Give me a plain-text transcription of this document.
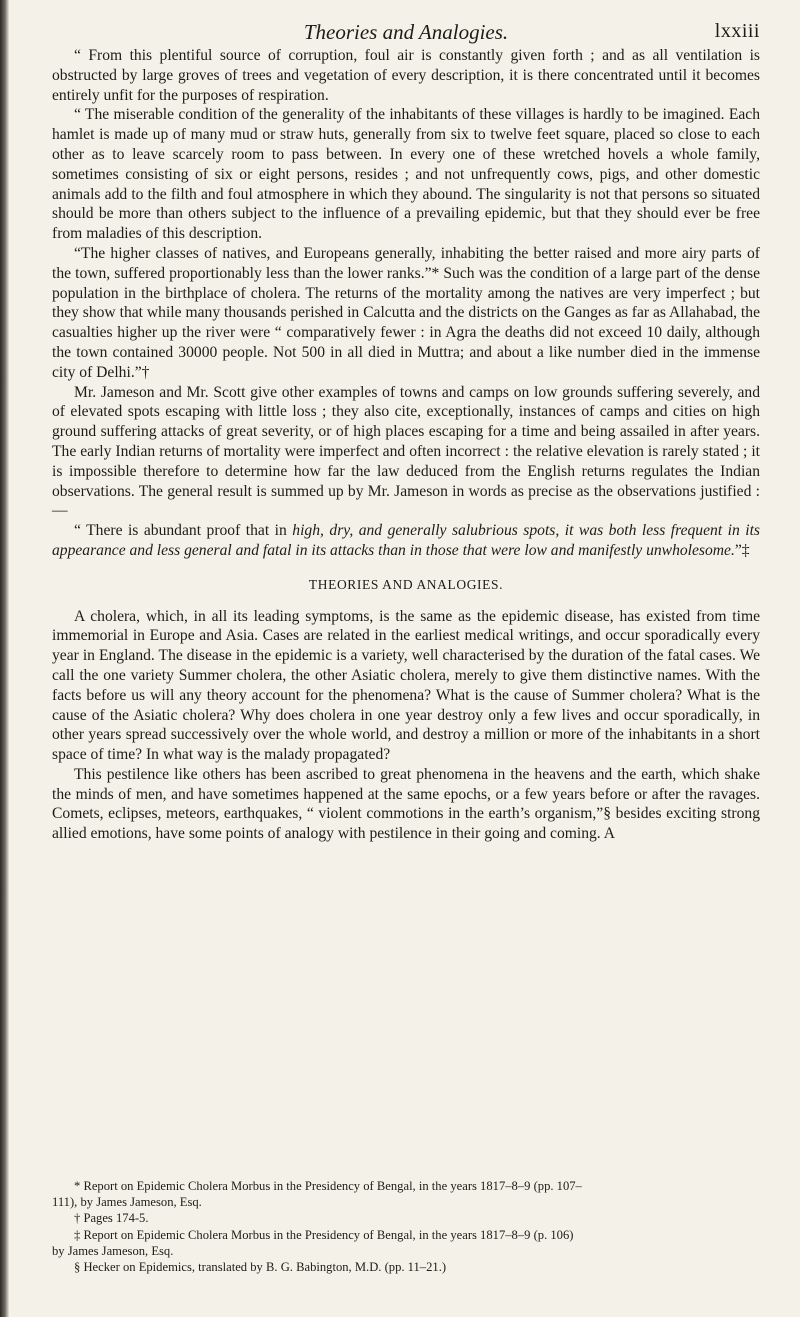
Theories and Analogies.	lxxiii

“ From this plentiful source of corruption, foul air is constantly given forth ; and as all ventilation is obstructed by large groves of trees and vegetation of every description, it is there concentrated until it becomes entirely unfit for the purposes of respiration.

“ The miserable condition of the generality of the inhabitants of these villages is hardly to be imagined. Each hamlet is made up of many mud or straw huts, generally from six to twelve feet square, placed so close to each other as to leave scarcely room to pass between. In every one of these wretched hovels a whole family, sometimes consisting of six or eight persons, resides ; and not unfrequently cows, pigs, and other domestic animals add to the filth and foul atmosphere in which they abound. The singularity is not that persons so situated should be more than others subject to the influence of a prevailing epidemic, but that they should ever be free from maladies of this description.

“The higher classes of natives, and Europeans generally, inhabiting the better raised and more airy parts of the town, suffered proportionably less than the lower ranks.”* Such was the condition of a large part of the dense population in the birthplace of cholera. The returns of the mortality among the natives are very imperfect ; but they show that while many thousands perished in Calcutta and the districts on the Ganges as far as Allahabad, the casualties higher up the river were “ comparatively fewer : in Agra the deaths did not exceed 10 daily, although the town contained 30000 people. Not 500 in all died in Muttra; and about a like number died in the immense city of Delhi.”†

Mr. Jameson and Mr. Scott give other examples of towns and camps on low grounds suffering severely, and of elevated spots escaping with little loss ; they also cite, exceptionally, instances of camps and cities on high ground suffering attacks of great severity, or of high places escaping for a time and being assailed in after years. The early Indian returns of mortality were imperfect and often incorrect : the relative elevation is rarely stated ; it is impossible therefore to determine how far the law deduced from the English returns regulates the Indian observations. The general result is summed up by Mr. Jameson in words as precise as the observations justified :—

“ There is abundant proof that in high, dry, and generally salubrious spots, it was both less frequent in its appearance and less general and fatal in its attacks than in those that were low and manifestly unwholesome.”‡

THEORIES AND ANALOGIES.

A cholera, which, in all its leading symptoms, is the same as the epidemic disease, has existed from time immemorial in Europe and Asia. Cases are related in the earliest medical writings, and occur sporadically every year in England. The disease in the epidemic is a variety, well characterised by the duration of the fatal cases. We call the one variety Summer cholera, the other Asiatic cholera, merely to give them distinctive names. With the facts before us will any theory account for the phenomena? What is the cause of Summer cholera? What is the cause of the Asiatic cholera? Why does cholera in one year destroy only a few lives and occur sporadically, in other years spread successively over the whole world, and destroy a million or more of the inhabitants in a short space of time? In what way is the malady propagated?

This pestilence like others has been ascribed to great phenomena in the heavens and the earth, which shake the minds of men, and have sometimes happened at the same epochs, or a few years before or after the ravages. Comets, eclipses, meteors, earthquakes, “ violent commotions in the earth’s organism,”§ besides exciting strong allied emotions, have some points of analogy with pestilence in their going and coming. A

* Report on Epidemic Cholera Morbus in the Presidency of Bengal, in the years 1817–8–9 (pp. 107–
111), by James Jameson, Esq.
† Pages 174-5.
‡ Report on Epidemic Cholera Morbus in the Presidency of Bengal, in the years 1817–8–9 (p. 106)
by James Jameson, Esq.
§ Hecker on Epidemics, translated by B. G. Babington, M.D. (pp. 11–21.)
